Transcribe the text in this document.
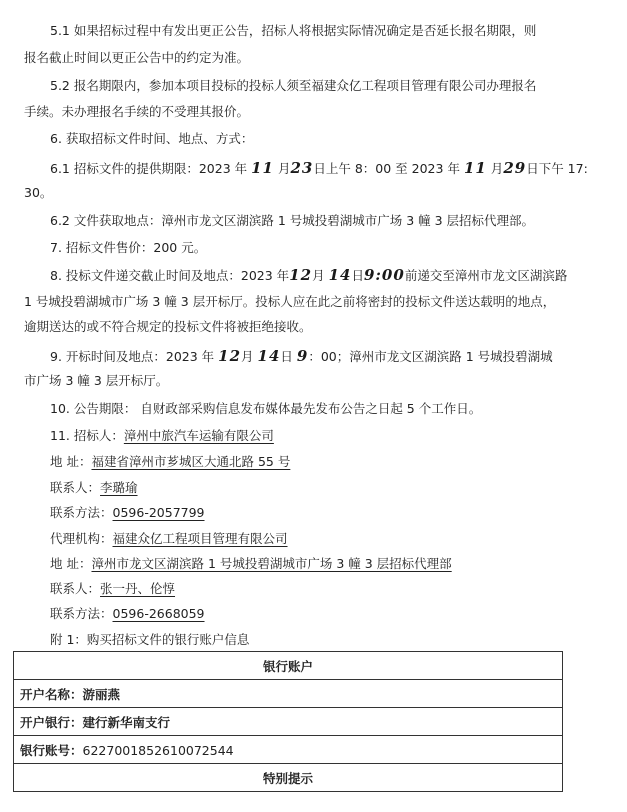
5.1 如果招标过程中有发出更正公告，招标人将根据实际情况确定是否延长报名期限，则
报名截止时间以更正公告中的约定为准。
5.2 报名期限内，参加本项目投标的投标人须至福建众亿工程项目管理有限公司办理报名
手续。未办理报名手续的不受理其报价。
6. 获取招标文件时间、地点、方式：
6.1 招标文件的提供期限：2023 年 11 月23日上午 8：00 至 2023 年 11 月29日下午 17:
30。
6.2 文件获取地点：漳州市龙文区湖滨路 1 号城投碧湖城市广场 3 幢 3 层招标代理部。
7. 招标文件售价：200 元。
8. 投标文件递交截止时间及地点：2023 年12月 14日9:00前递交至漳州市龙文区湖滨路
1 号城投碧湖城市广场 3 幢 3 层开标厅。投标人应在此之前将密封的投标文件送达载明的地点，
逾期送达的或不符合规定的投标文件将被拒绝接收。
9. 开标时间及地点：2023 年 12月 14日 9：00；漳州市龙文区湖滨路 1 号城投碧湖城
市广场 3 幢 3 层开标厅。
10. 公告期限： 自财政部采购信息发布媒体最先发布公告之日起 5 个工作日。
11. 招标人：漳州中旅汽车运输有限公司
地 址：福建省漳州市芗城区大通北路 55 号
联系人：李璐瑜
联系方法：0596-2057799
代理机构：福建众亿工程项目管理有限公司
地 址：漳州市龙文区湖滨路 1 号城投碧湖城市广场 3 幢 3 层招标代理部
联系人：张一丹、伦惇
联系方法：0596-2668059
附 1：购买招标文件的银行账户信息
银行账户
开户名称：游丽燕
开户银行：建行新华南支行
银行账号：6227001852610072544
特别提示
